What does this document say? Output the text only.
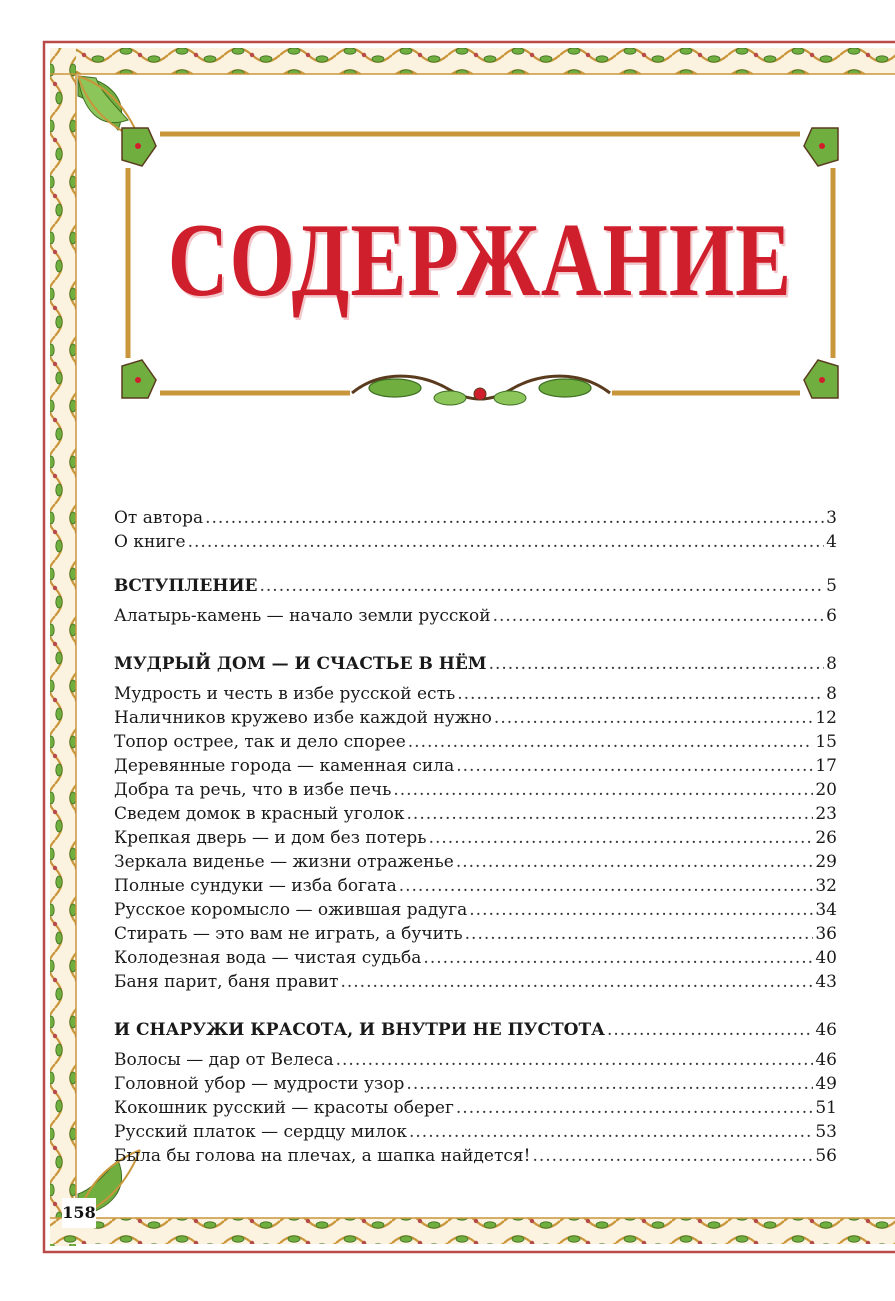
СОДЕРЖАНИЕ
От автора .....	3
О книге .....	4
ВСТУПЛЕНИЕ .....	5
Алатырь-камень — начало земли русской .....	6
МУДРЫЙ ДОМ — И СЧАСТЬЕ В НЁМ .....	8
Мудрость и честь в избе русской есть .....	8
Наличников кружево избе каждой нужно .....	12
Топор острее, так и дело спорее .....	15
Деревянные города — каменная сила .....	17
Добра та речь, что в избе печь .....	20
Сведем домок в красный уголок .....	23
Крепкая дверь — и дом без потерь .....	26
Зеркала виденье — жизни отраженье .....	29
Полные сундуки — изба богата .....	32
Русское коромысло — ожившая радуга .....	34
Стирать — это вам не играть, а бучить .....	36
Колодезная вода — чистая судьба .....	40
Баня парит, баня правит .....	43
И СНАРУЖИ КРАСОТА, И ВНУТРИ НЕ ПУСТОТА .....	46
Волосы — дар от Велеса .....	46
Головной убор — мудрости узор .....	49
Кокошник русский — красоты оберег .....	51
Русский платок — сердцу милок .....	53
Была бы голова на плечах, а шапка найдется! .....	56
158
